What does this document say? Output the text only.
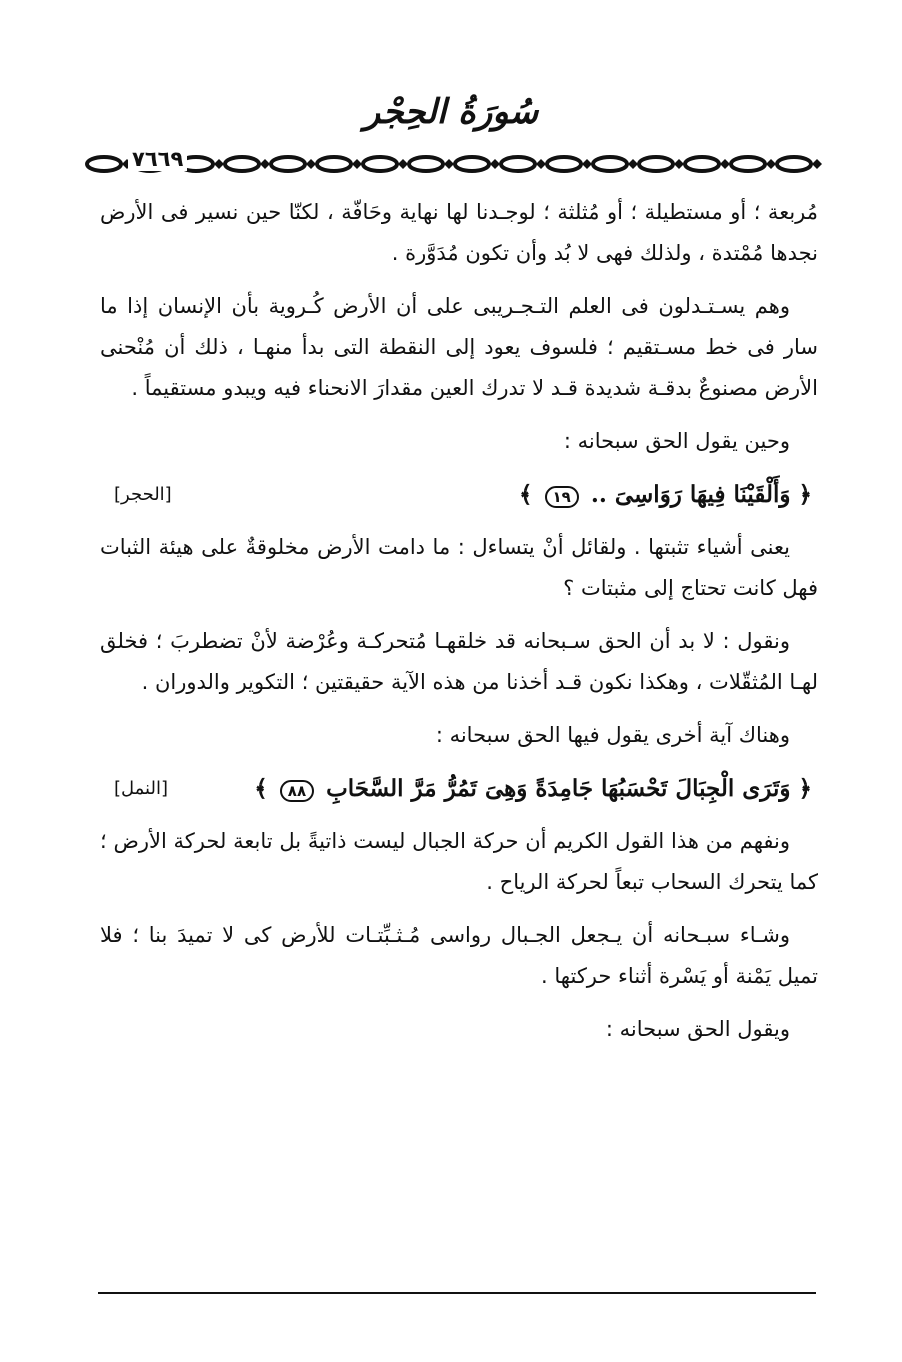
سُورَةُ الحِجْر
٧٦٦٩

مُربعة ؛ أو مستطيلة ؛ أو مُثلثة ؛ لوجـدنا لها نهاية وحَافّة ، لكنّا حين نسير فى الأرض نجدها مُمْتدة ، ولذلك فهى لا بُد وأن تكون مُدَوَّرة .

وهم يسـتـدلون فى العلم التـجـريبى على أن الأرض كُـروية بأن الإنسان إذا ما سار فى خط مسـتقيم ؛ فلسوف يعود إلى النقطة التى بدأ منهـا ، ذلك أن مُنْحنى الأرض مصنوعٌ بدقـة شديدة قـد لا تدرك العين مقدارَ الانحناء فيه ويبدو مستقيماً .

وحين يقول الحق سبحانه :

﴿ وَأَلْقَيْنَا فِيهَا رَوَاسِىَ .. ١٩ ﴾
[الحجر]

يعنى أشياء تثبتها . ولقائل أنْ يتساءل : ما دامت الأرض مخلوقةٌ على هيئة الثبات فهل كانت تحتاج إلى مثبتات ؟

ونقول : لا بد أن الحق سـبحانه قد خلقهـا مُتحركـة وعُرْضة لأنْ تضطربَ ؛ فخلق لهـا المُثقّلات ، وهكذا نكون قـد أخذنا من هذه الآية حقيقتين ؛ التكوير والدوران .

وهناك آية أخرى يقول فيها الحق سبحانه :

﴿ وَتَرَى الْجِبَالَ تَحْسَبُهَا جَامِدَةً وَهِىَ تَمُرُّ مَرَّ السَّحَابِ ٨٨ ﴾
[النمل]

ونفهم من هذا القول الكريم أن حركة الجبال ليست ذاتيةً بل تابعة لحركة الأرض ؛ كما يتحرك السحاب تبعاً لحركة الرياح .

وشـاء سبـحانه أن يـجعل الجـبال رواسى مُـثـبِّتـات للأرض كى لا تميدَ بنا ؛ فلا تميل يَمْنة أو يَسْرة أثناء حركتها .

ويقول الحق سبحانه :
